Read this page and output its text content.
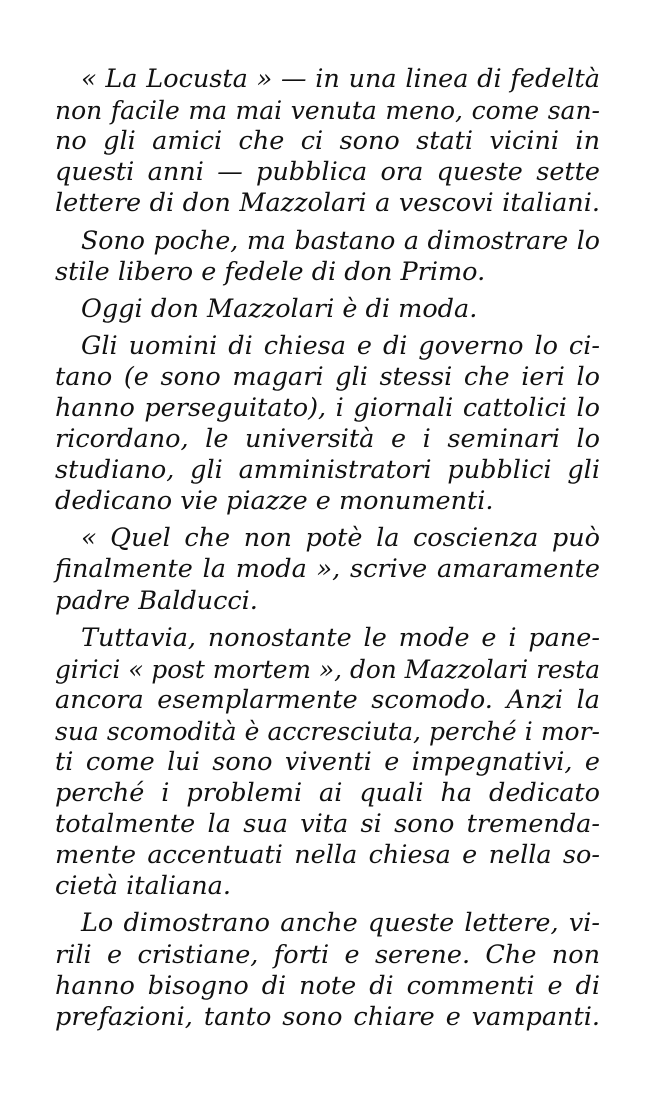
« La Locusta » — in una linea di fedeltà
non facile ma mai venuta meno, come san-
no gli amici che ci sono stati vicini in
questi anni — pubblica ora queste sette
lettere di don Mazzolari a vescovi italiani.

Sono poche, ma bastano a dimostrare lo
stile libero e fedele di don Primo.

Oggi don Mazzolari è di moda.

Gli uomini di chiesa e di governo lo ci-
tano (e sono magari gli stessi che ieri lo
hanno perseguitato), i giornali cattolici lo
ricordano, le università e i seminari lo
studiano, gli amministratori pubblici gli
dedicano vie piazze e monumenti.

« Quel che non potè la coscienza può
finalmente la moda », scrive amaramente
padre Balducci.

Tuttavia, nonostante le mode e i pane-
girici « post mortem », don Mazzolari resta
ancora esemplarmente scomodo. Anzi la
sua scomodità è accresciuta, perché i mor-
ti come lui sono viventi e impegnativi, e
perché i problemi ai quali ha dedicato
totalmente la sua vita si sono tremenda-
mente accentuati nella chiesa e nella so-
cietà italiana.

Lo dimostrano anche queste lettere, vi-
rili e cristiane, forti e serene. Che non
hanno bisogno di note di commenti e di
prefazioni, tanto sono chiare e vampanti.
